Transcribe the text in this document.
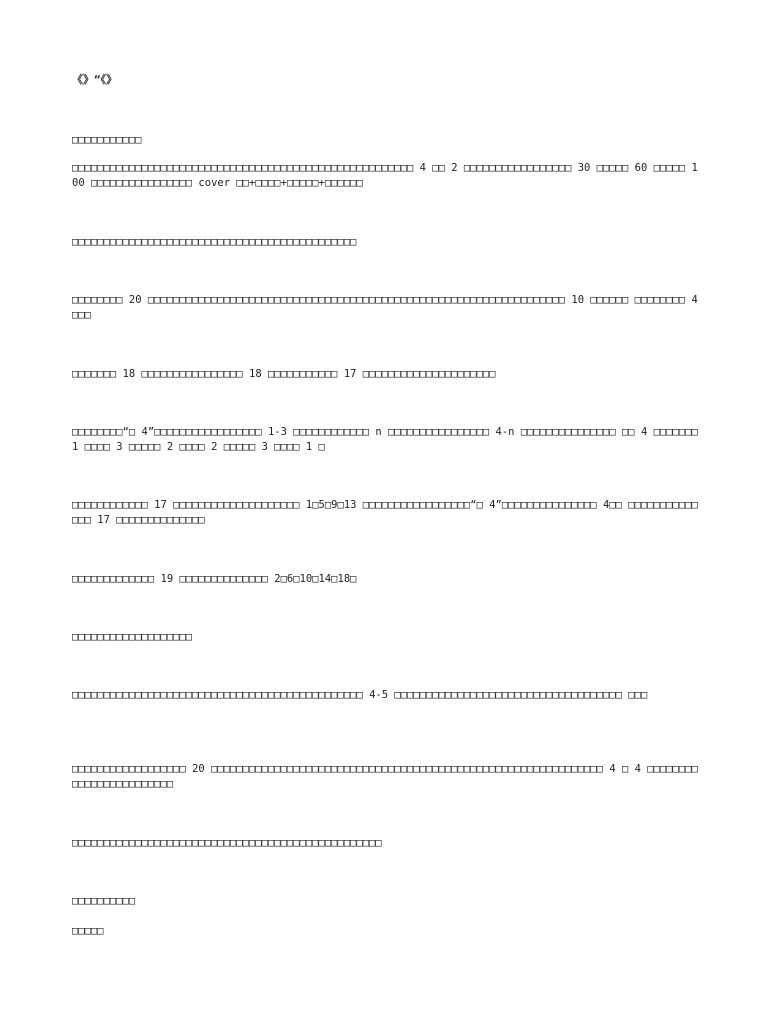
《》“《》
□□□□□□□□□□□
□□□□□□□□□□□□□□□□□□□□□□□□□□□□□□□□□□□□□□□□□□□□□□□□□□□□□□ 4 □□ 2 □□□□□□□□□□□□□□□□□ 30 □□□□□ 60 □□□□□ 100 □□□□□□□□□□□□□□□□ cover □□+□□□□+□□□□□+□□□□□□
□□□□□□□□□□□□□□□□□□□□□□□□□□□□□□□□□□□□□□□□□□□□□
□□□□□□□□ 20 □□□□□□□□□□□□□□□□□□□□□□□□□□□□□□□□□□□□□□□□□□□□□□□□□□□□□□□□□□□□□□□□□□ 10 □□□□□□ □□□□□□□□ 4 □□□
□□□□□□□ 18 □□□□□□□□□□□□□□□□ 18 □□□□□□□□□□□ 17 □□□□□□□□□□□□□□□□□□□□□
□□□□□□□□“□ 4”□□□□□□□□□□□□□□□□□ 1-3 □□□□□□□□□□□□ n □□□□□□□□□□□□□□□□ 4-n □□□□□□□□□□□□□□□ □□ 4 □□□□□□□ 1 □□□□ 3 □□□□□ 2 □□□□ 2 □□□□□ 3 □□□□ 1 □
□□□□□□□□□□□□ 17 □□□□□□□□□□□□□□□□□□□□ 1□5□9□13 □□□□□□□□□□□□□□□□□“□ 4”□□□□□□□□□□□□□□□ 4□□ □□□□□□□□□□□□□□ 17 □□□□□□□□□□□□□□
□□□□□□□□□□□□□ 19 □□□□□□□□□□□□□□ 2□6□10□14□18□
□□□□□□□□□□□□□□□□□□□
□□□□□□□□□□□□□□□□□□□□□□□□□□□□□□□□□□□□□□□□□□□□□□ 4-5 □□□□□□□□□□□□□□□□□□□□□□□□□□□□□□□□□□□□ □□□
□□□□□□□□□□□□□□□□□□ 20 □□□□□□□□□□□□□□□□□□□□□□□□□□□□□□□□□□□□□□□□□□□□□□□□□□□□□□□□□□□□□□ 4 □ 4 □□□□□□□□□□□□□□□□□□□□□□□□
□□□□□□□□□□□□□□□□□□□□□□□□□□□□□□□□□□□□□□□□□□□□□□□□□
□□□□□□□□□□
□□□□□
